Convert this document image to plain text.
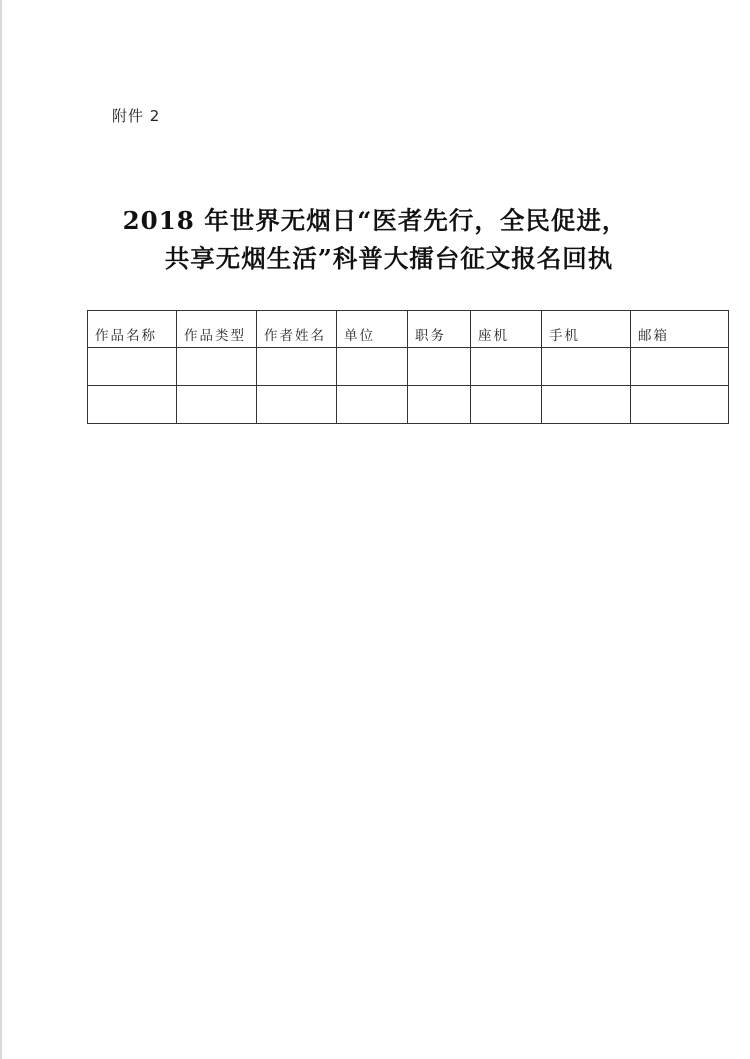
附件 2
2018 年世界无烟日“医者先行，全民促进，
共享无烟生活”科普大擂台征文报名回执
作品名称	作品类型	作者姓名	单位	职务	座机	手机	邮箱
